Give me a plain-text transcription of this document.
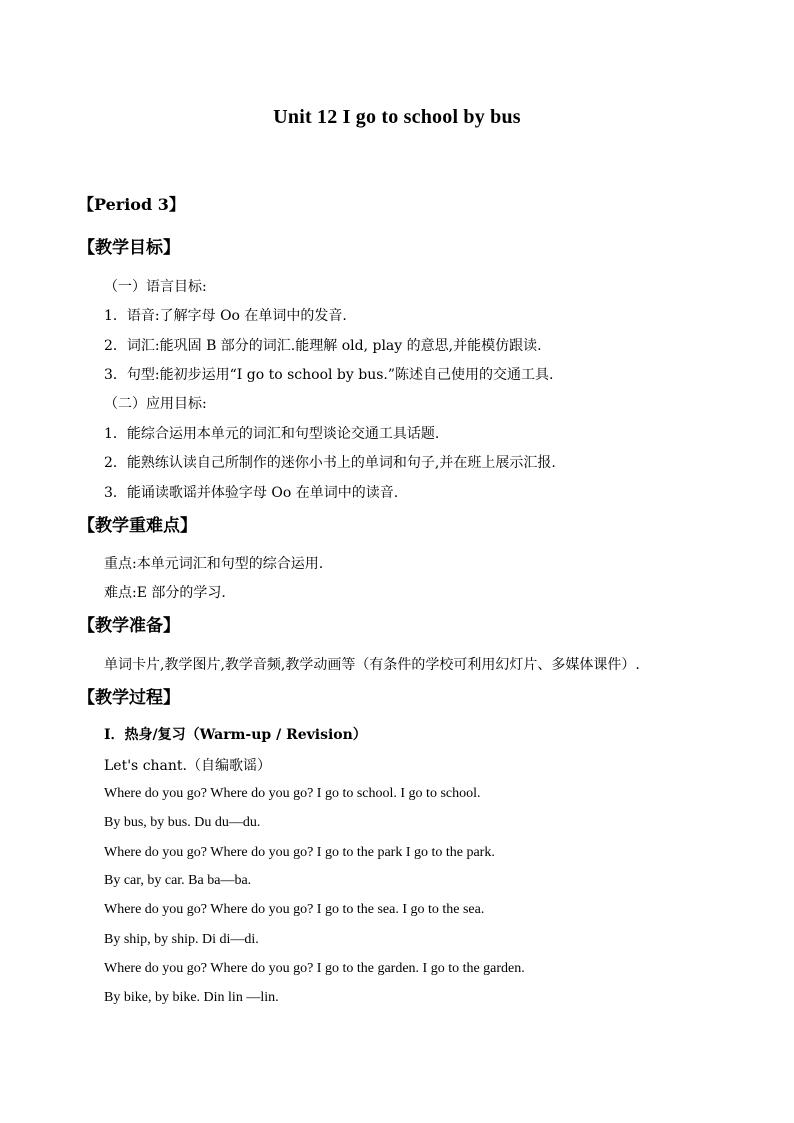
Unit 12 I go to school by bus
【Period 3】
【教学目标】
（一）语言目标:
1．语音:了解字母 Oo 在单词中的发音.
2．词汇:能巩固 B 部分的词汇.能理解 old, play 的意思,并能模仿跟读.
3．句型:能初步运用“I go to school by bus.”陈述自己使用的交通工具.
（二）应用目标:
1．能综合运用本单元的词汇和句型谈论交通工具话题.
2．能熟练认读自己所制作的迷你小书上的单词和句子,并在班上展示汇报.
3．能诵读歌谣并体验字母 Oo 在单词中的读音.
【教学重难点】
重点:本单元词汇和句型的综合运用.
难点:E 部分的学习.
【教学准备】
单词卡片,教学图片,教学音频,教学动画等（有条件的学校可利用幻灯片、多媒体课件）.
【教学过程】
I．热身/复习（Warm-up / Revision）
Let's chant.（自编歌谣）
Where do you go? Where do you go? I go to school. I go to school.
By bus, by bus. Du du—du.
Where do you go? Where do you go? I go to the park I go to the park.
By car, by car. Ba ba—ba.
Where do you go? Where do you go? I go to the sea. I go to the sea.
By ship, by ship. Di di—di.
Where do you go? Where do you go? I go to the garden. I go to the garden.
By bike, by bike. Din lin —lin.
